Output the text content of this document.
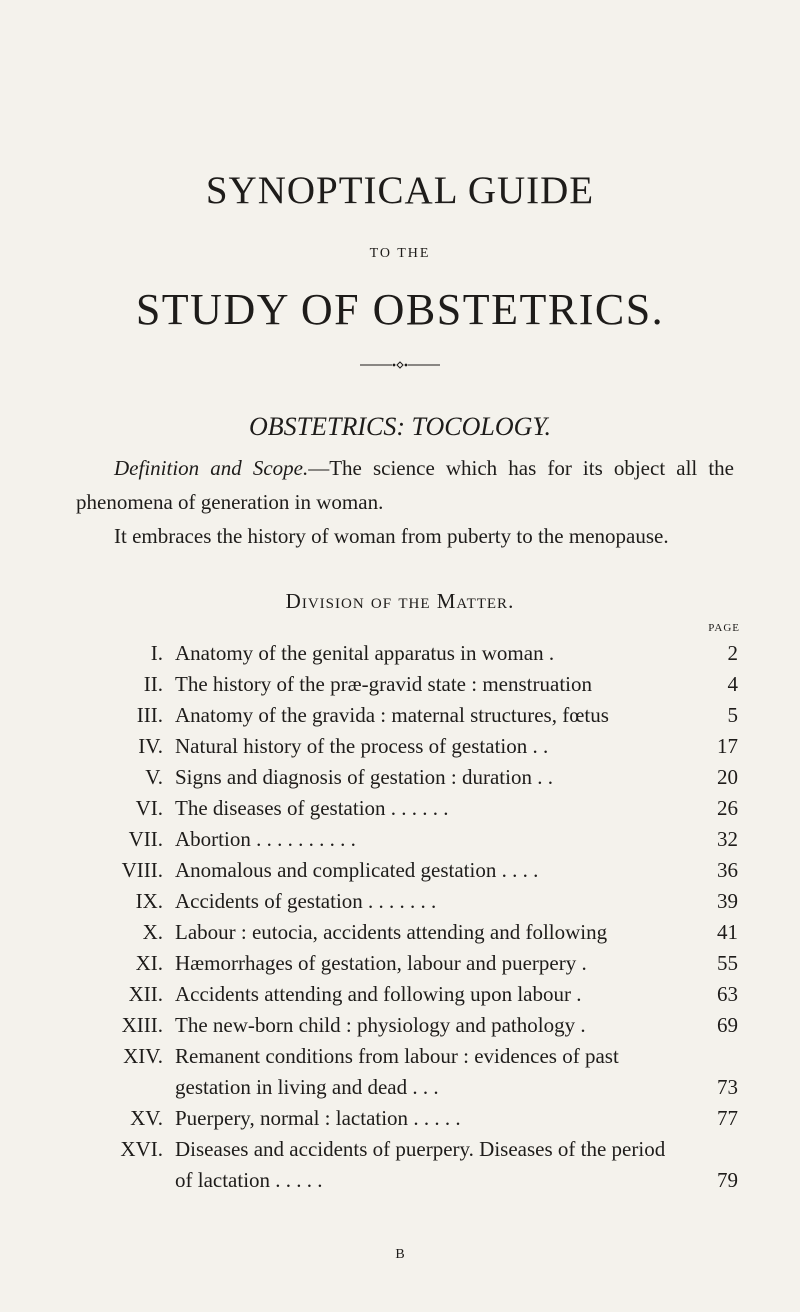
SYNOPTICAL GUIDE
TO THE
STUDY OF OBSTETRICS.
OBSTETRICS: TOCOLOGY.

Definition and Scope.—The science which has for its object all the phenomena of generation in woman.

It embraces the history of woman from puberty to the menopause.

Division of the Matter.
PAGE
I. Anatomy of the genital apparatus in woman .	2
II. The history of the præ-gravid state : menstruation	4
III. Anatomy of the gravida : maternal structures, fœtus	5
IV. Natural history of the process of gestation . .	17
V. Signs and diagnosis of gestation : duration . .	20
VI. The diseases of gestation . . . . . .	26
VII. Abortion . . . . . . . . . .	32
VIII. Anomalous and complicated gestation . . . .	36
IX. Accidents of gestation . . . . . . .	39
X. Labour : eutocia, accidents attending and following	41
XI. Hæmorrhages of gestation, labour and puerpery .	55
XII. Accidents attending and following upon labour .	63
XIII. The new-born child : physiology and pathology .	69
XIV. Remanent conditions from labour : evidences of past gestation in living and dead . . .	73
XV. Puerpery, normal : lactation . . . . .	77
XVI. Diseases and accidents of puerpery. Diseases of the period of lactation . . . . .	79
B
